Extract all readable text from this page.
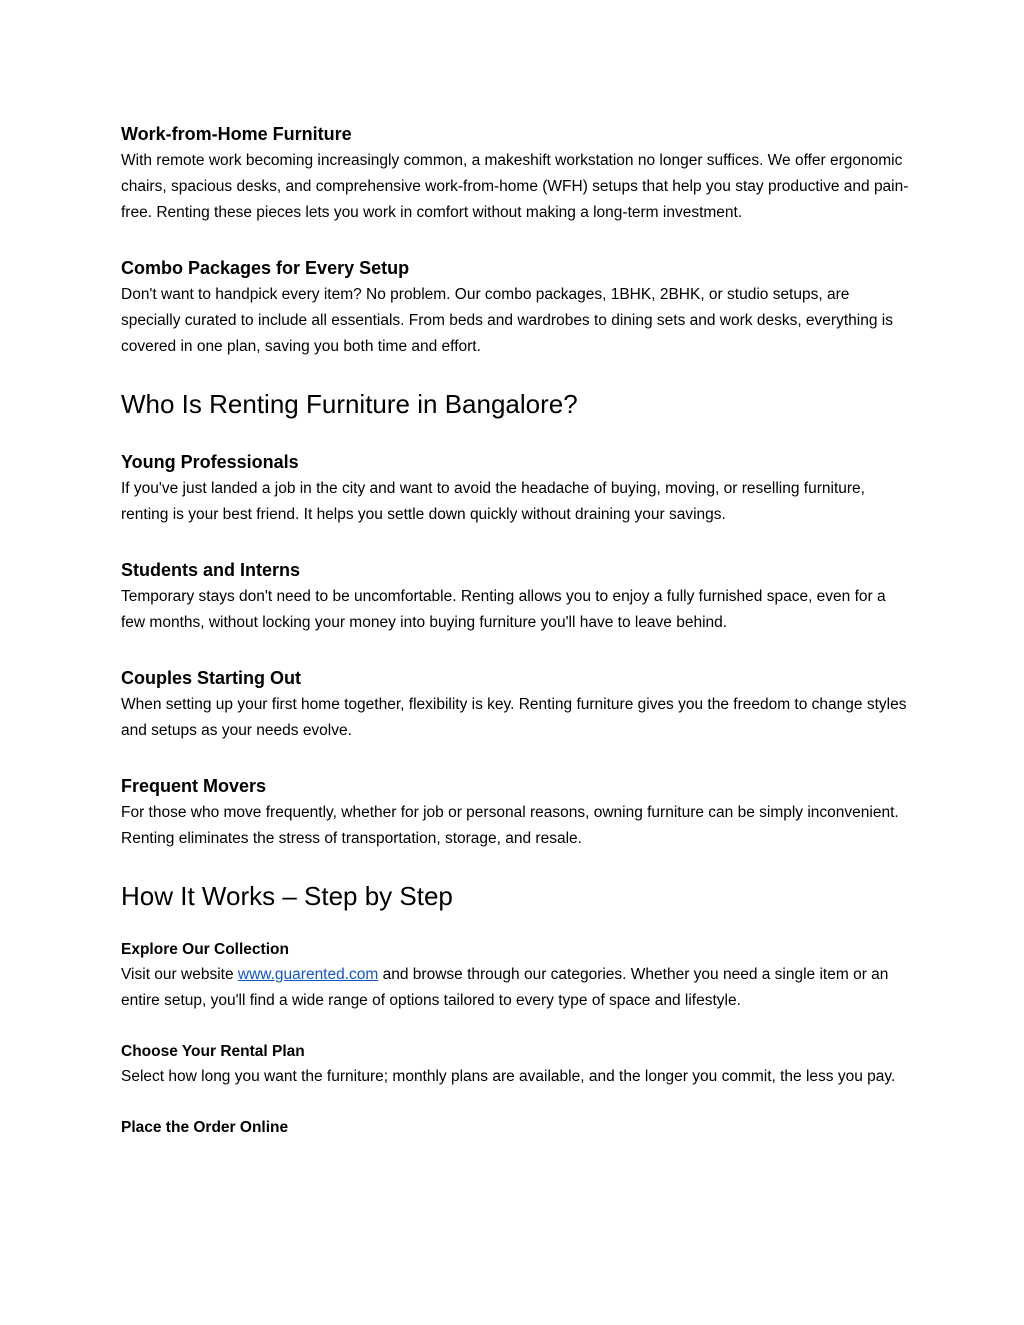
Work-from-Home Furniture

With remote work becoming increasingly common, a makeshift workstation no longer suffices. We offer ergonomic chairs, spacious desks, and comprehensive work-from-home (WFH) setups that help you stay productive and pain-free. Renting these pieces lets you work in comfort without making a long-term investment.

Combo Packages for Every Setup

Don't want to handpick every item? No problem. Our combo packages, 1BHK, 2BHK, or studio setups, are specially curated to include all essentials. From beds and wardrobes to dining sets and work desks, everything is covered in one plan, saving you both time and effort.

Who Is Renting Furniture in Bangalore?
Young Professionals

If you've just landed a job in the city and want to avoid the headache of buying, moving, or reselling furniture, renting is your best friend. It helps you settle down quickly without draining your savings.

Students and Interns

Temporary stays don't need to be uncomfortable. Renting allows you to enjoy a fully furnished space, even for a few months, without locking your money into buying furniture you'll have to leave behind.

Couples Starting Out

When setting up your first home together, flexibility is key. Renting furniture gives you the freedom to change styles and setups as your needs evolve.

Frequent Movers

For those who move frequently, whether for job or personal reasons, owning furniture can be simply inconvenient. Renting eliminates the stress of transportation, storage, and resale.

How It Works – Step by Step
Explore Our Collection

Visit our website www.guarented.com and browse through our categories. Whether you need a single item or an entire setup, you'll find a wide range of options tailored to every type of space and lifestyle.

Choose Your Rental Plan

Select how long you want the furniture; monthly plans are available, and the longer you commit, the less you pay.

Place the Order Online
